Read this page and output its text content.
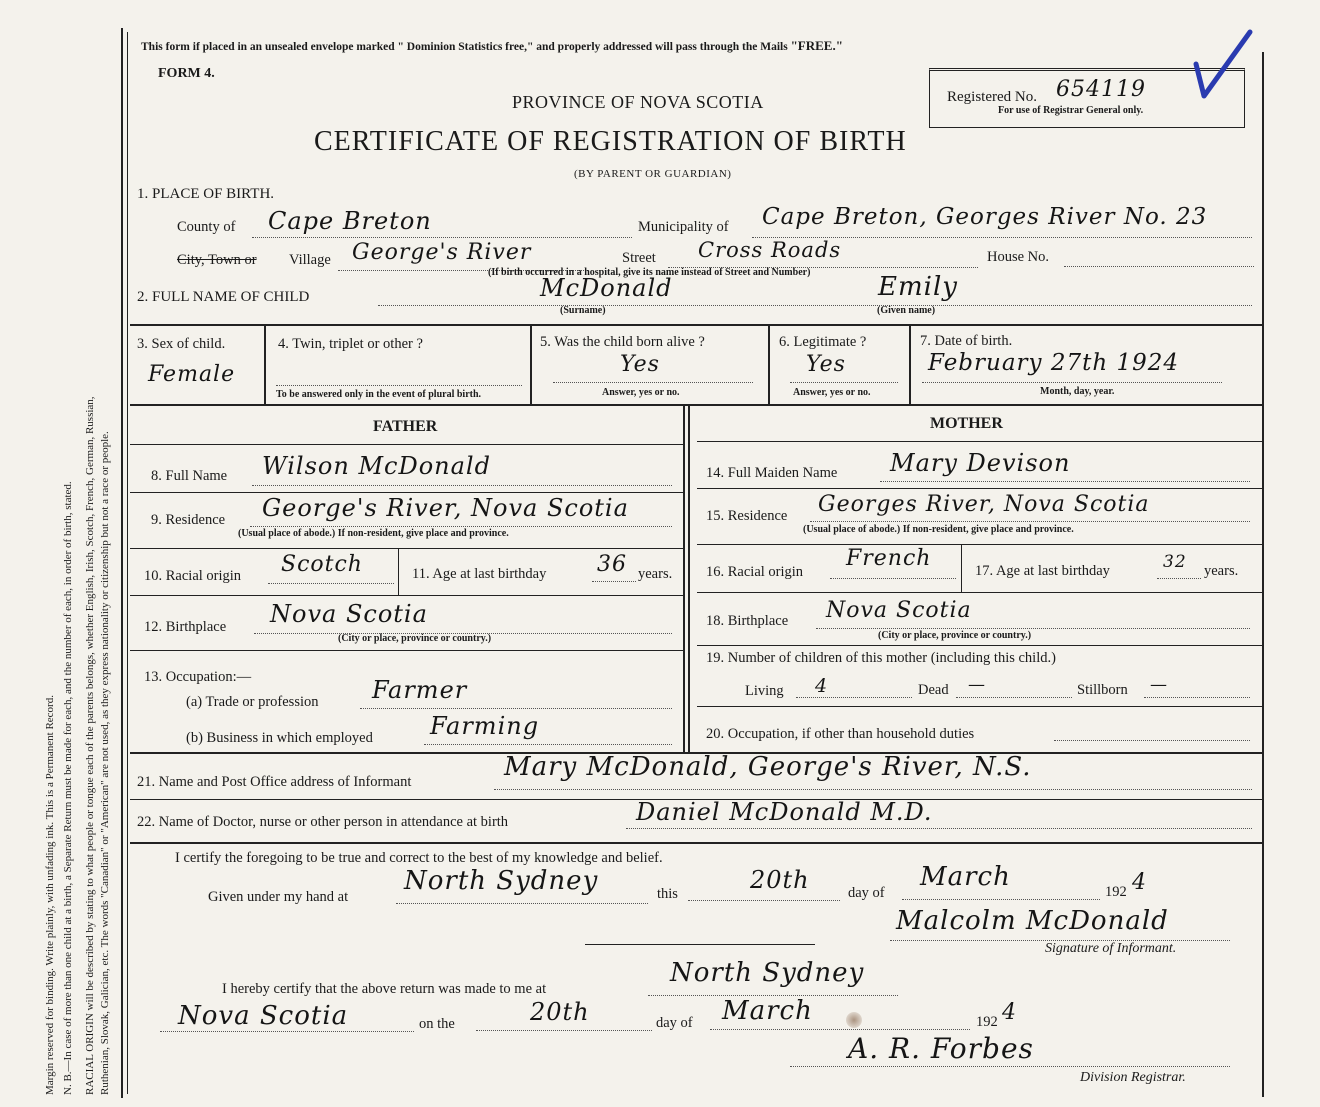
Margin reserved for binding. Write plainly, with unfading ink. This is a Permanent Record. N. B.—In case of more than one child at a birth, a Separate Return must be made for each, and the number of each, in order of birth, stated. RACIAL ORIGIN will be described by stating to what people or tongue each of the parents belongs, whether English, Irish, Scotch, French, German, Russian, Ruthenian, Slovak, Galician, etc. The words "Canadian" or "American" are not used, as they express nationality or citizenship but not a race or people.
This form if placed in an unsealed envelope marked " Dominion Statistics free," and properly addressed will pass through the Mails "FREE."
FORM 4.
PROVINCE OF NOVA SCOTIA
CERTIFICATE OF REGISTRATION OF BIRTH
(BY PARENT OR GUARDIAN)
Registered No. 654119
For use of Registrar General only.
1. PLACE OF BIRTH.
County of Cape Breton	Municipality of Cape Breton, Georges River No. 23
City, Town or Village George's River	Street Cross Roads	House No.
(If birth occurred in a hospital, give its name instead of Street and Number)
2. FULL NAME OF CHILD	McDonald
(Surname)
Emily
(Given name)
3. Sex of child.
Female
4. Twin, triplet or other ?
To be answered only in the event of plural birth.
5. Was the child born alive ?
Yes
Answer, yes or no.
6. Legitimate ?
Yes
Answer, yes or no.
7. Date of birth.
February 27th 1924
Month, day, year.
FATHER	MOTHER
8. Full Name Wilson McDonald
9. Residence George's River, Nova Scotia
(Usual place of abode.) If non-resident, give place and province.
10. Racial origin Scotch	11. Age at last birthday 36 years.
12. Birthplace Nova Scotia
(City or place, province or country.)
13. Occupation:—
(a) Trade or profession Farmer
(b) Business in which employed Farming
14. Full Maiden Name Mary Devison
15. Residence Georges River, Nova Scotia
(Usual place of abode.) If non-resident, give place and province.
16. Racial origin
French	17. Age at last birthday	32 years.
18. Birthplace Nova Scotia
(City or place, province or country.)
19. Number of children of this mother (including this child.)
Living 4	Dead —	Stillborn —
20. Occupation, if other than household duties
21. Name and Post Office address of Informant	Mary McDonald, George's River, N.S.
22. Name of Doctor, nurse or other person in attendance at birth	Daniel McDonald M.D.
I certify the foregoing to be true and correct to the best of my knowledge and belief.
Given under my hand at
North Sydney	this	20th	day of
March	192 4
Malcolm McDonald
Signature of Informant.
I hereby certify that the above return was made to me at
North Sydney
Nova Scotia	on the	20th	day of March	192 4
A. R. Forbes
Division Registrar.
